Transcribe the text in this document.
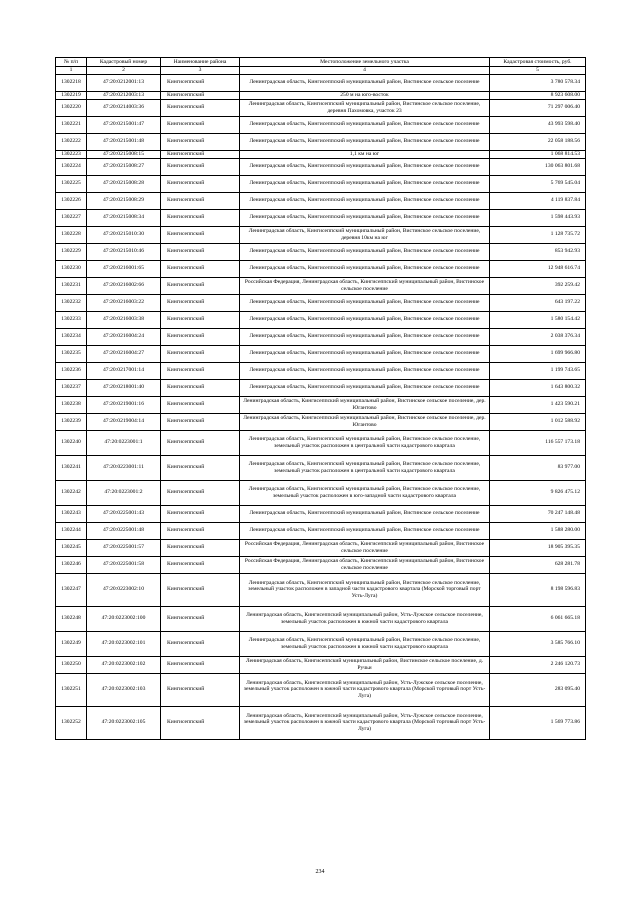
№ п/п	Кадастровый номер	Наименование района	Местоположение земельного участка	Кадастровая стоимость, руб.
1	2	3	4	5
1302218	47:20:0212001:13	Кингисеппский	Ленинградская область, Кингисеппский муниципальный район, Вистинское сельское поселение	3 780 578.34
1302219	47:20:0212003:13	Кингисеппский	250 м на юго-восток	8 923 608.00
1302220	47:20:0214003:36	Кингисеппский	Ленинградская область, Кингисеппский муниципальный район, Вистинское сельское поселение, деревня Пахомовка, участок 23	71 297 006.40
1302221	47:20:0215001:47	Кингисеппский	Ленинградская область, Кингисеппский муниципальный район, Вистинское сельское поселение	43 993 598.40
1302222	47:20:0215001:48	Кингисеппский	Ленинградская область, Кингисеппский муниципальный район, Вистинское сельское поселение	22 058 188.56
1302223	47:20:0215008:15	Кингисеппский	1,1 км на юг	1 068 814.53
1302224	47:20:0215008:27	Кингисеппский	Ленинградская область, Кингисеппский муниципальный район, Вистинское сельское поселение	130 063 801.68
1302225	47:20:0215008:28	Кингисеппский	Ленинградская область, Кингисеппский муниципальный район, Вистинское сельское поселение	5 769 545.04
1302226	47:20:0215008:29	Кингисеппский	Ленинградская область, Кингисеппский муниципальный район, Вистинское сельское поселение	4 119 837.84
1302227	47:20:0215008:34	Кингисеппский	Ленинградская область, Кингисеппский муниципальный район, Вистинское сельское поселение	1 598 443.93
1302228	47:20:0215010:30	Кингисеппский	Ленинградская область, Кингисеппский муниципальный район, Вистинское сельское поселение, деревня 10км на юг	1 128 735.72
1302229	47:20:0215010:46	Кингисеппский	Ленинградская область, Кингисеппский муниципальный район, Вистинское сельское поселение	853 942.93
1302230	47:20:0216001:65	Кингисеппский	Ленинградская область, Кингисеппский муниципальный район, Вистинское сельское поселение	12 948 616.74
1302231	47:20:0216002:66	Кингисеппский	Российская Федерация, Ленинградская область, Кингисеппский муниципальный район, Вистинское сельское поселение	392 259.42
1302232	47:20:0216003:22	Кингисеппский	Ленинградская область, Кингисеппский муниципальный район, Вистинское сельское поселение	643 197.22
1302233	47:20:0216003:38	Кингисеппский	Ленинградская область, Кингисеппский муниципальный район, Вистинское сельское поселение	1 580 154.42
1302234	47:20:0216004:24	Кингисеппский	Ленинградская область, Кингисеппский муниципальный район, Вистинское сельское поселение	2 038 376.34
1302235	47:20:0216004:27	Кингисеппский	Ленинградская область, Кингисеппский муниципальный район, Вистинское сельское поселение	1 699 966.80
1302236	47:20:0217001:14	Кингисеппский	Ленинградская область, Кингисеппский муниципальный район, Вистинское сельское поселение	1 199 743.65
1302237	47:20:0218001:40	Кингисеппский	Ленинградская область, Кингисеппский муниципальный район, Вистинское сельское поселение	1 643 800.32
1302238	47:20:0219001:16	Кингисеппский	Ленинградская область, Кингисеппский муниципальный район, Вистинское сельское поселение, дер. Югантово	1 423 590.21
1302239	47:20:0219004:14	Кингисеппский	Ленинградская область, Кингисеппский муниципальный район, Вистинское сельское поселение, дер. Югантово	1 012 588.92
1302240	47:20:0223001:1	Кингисеппский	Ленинградская область, Кингисеппский муниципальный район, Вистинское сельское поселение, земельный участок расположен в центральной части кадастрового квартала	116 557 173.18
1302241	47:20:0223001:11	Кингисеппский	Ленинградская область, Кингисеппский муниципальный район, Вистинское сельское поселение, земельный участок расположен в центральной части кадастрового квартала	83 977.00
1302242	47:20:0223001:2	Кингисеппский	Ленинградская область, Кингисеппский муниципальный район, Вистинское сельское поселение, земельный участок расположен в юго-западной части кадастрового квартала	9 826 475.12
1302243	47:20:0225001:43	Кингисеппский	Ленинградская область, Кингисеппский муниципальный район, Вистинское сельское поселение	70 247 148.48
1302244	47:20:0225001:48	Кингисеппский	Ленинградская область, Кингисеппский муниципальный район, Вистинское сельское поселение	1 588 280.00
1302245	47:20:0225001:57	Кингисеппский	Российская Федерация, Ленинградская область, Кингисеппский муниципальный район, Вистинское сельское поселение	18 905 395.35
1302246	47:20:0225001:58	Кингисеппский	Российская Федерация, Ленинградская область, Кингисеппский муниципальный район, Вистинское сельское поселение	628 281.78
1302247	47:20:0223002:10	Кингисеппский	Ленинградская область, Кингисеппский муниципальный район, Вистинское сельское поселение, земельный участок расположен в западной части кадастрового квартала (Морской торговый порт Усть-Луга)	8 198 596.83
1302248	47:20:0223002:100	Кингисеппский	Ленинградская область, Кингисеппский муниципальный район, Усть-Лужское сельское поселение, земельный участок расположен в южной части кадастрового квартала	6 061 665.18
1302249	47:20:0223002:101	Кингисеппский	Ленинградская область, Кингисеппский муниципальный район, Вистинское сельское поселение, земельный участок расположен в южной части кадастрового квартала	3 585 766.10
1302250	47:20:0223002:102	Кингисеппский	Ленинградская область, Кингисеппский муниципальный район, Вистинское сельское поселение, д. Ручьи	2 246 120.73
1302251	47:20:0223002:103	Кингисеппский	Ленинградская область, Кингисеппский муниципальный район, Усть-Лужское сельское поселение, земельный участок расположен в южной части кадастрового квартала (Морской торговый порт Усть-Луга)	283 095.40
1302252	47:20:0223002:105	Кингисеппский	Ленинградская область, Кингисеппский муниципальный район, Усть-Лужское сельское поселение, земельный участок расположен в южной части кадастрового квартала (Морской торговый порт Усть-Луга)	1 569 773.86
234
